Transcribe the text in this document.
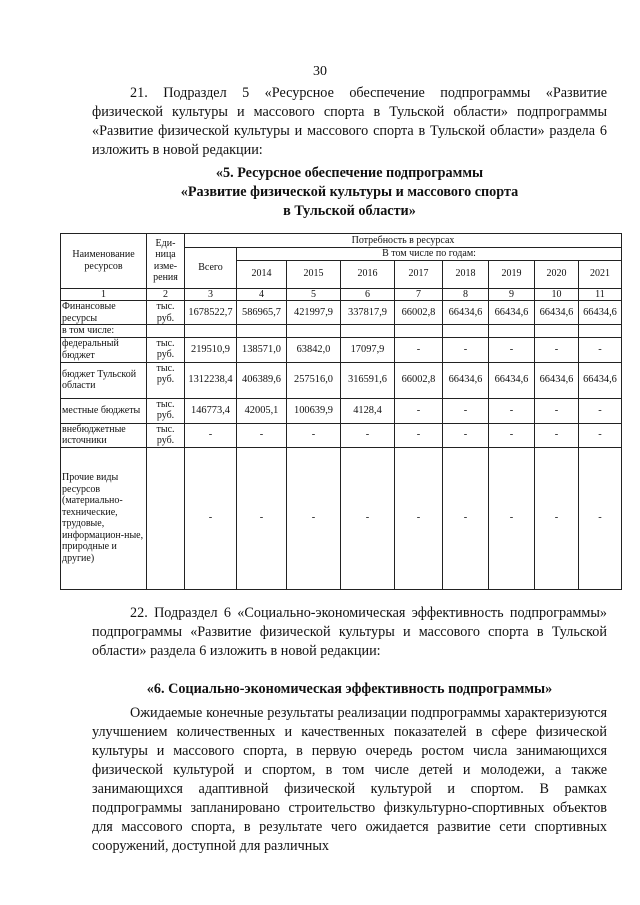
30

21. Подраздел 5 «Ресурсное обеспечение подпрограммы «Развитие физической культуры и массового спорта в Тульской области» подпрограммы «Развитие физической культуры и массового спорта в Тульской области» раздела 6 изложить в новой редакции:

«5. Ресурсное обеспечение подпрограммы
«Развитие физической культуры и массового спорта
в Тульской области»
Наименование ресурсов	Еди- ница изме- рения	Потребность в ресурсах								
		Всего	В том числе по годам:							
			2014	2015	2016	2017	2018	2019	2020	2021
1	2	3	4	5	6	7	8	9	10	11
Финансовые ресурсы	тыс. руб.	1678522,7	586965,7	421997,9	337817,9	66002,8	66434,6	66434,6	66434,6	66434,6
в том числе:										
федеральный бюджет	тыс. руб.	219510,9	138571,0	63842,0	17097,9	-	-	-	-	-
бюджет Тульской области	тыс. руб.	1312238,4	406389,6	257516,0	316591,6	66002,8	66434,6	66434,6	66434,6	66434,6
местные бюджеты	тыс. руб.	146773,4	42005,1	100639,9	4128,4	-	-	-	-	-
внебюджетные источники	тыс. руб.	-	-	-	-	-	-	-	-	-
Прочие виды ресурсов (материально-технические, трудовые, информацион-ные, природные и другие)		-	-	-	-	-	-	-	-	-

22. Подраздел 6 «Социально-экономическая эффективность подпрограммы» подпрограммы «Развитие физической культуры и массового спорта в Тульской области» раздела 6 изложить в новой редакции:

«6. Социально-экономическая эффективность подпрограммы»

Ожидаемые конечные результаты реализации подпрограммы характеризуются улучшением количественных и качественных показателей в сфере физической культуры и массового спорта, в первую очередь ростом числа занимающихся физической культурой и спортом, в том числе детей и молодежи, а также занимающихся адаптивной физической культурой и спортом. В рамках подпрограммы запланировано строительство физкультурно-спортивных объектов для массового спорта, в результате чего ожидается развитие сети спортивных сооружений, доступной для различных
